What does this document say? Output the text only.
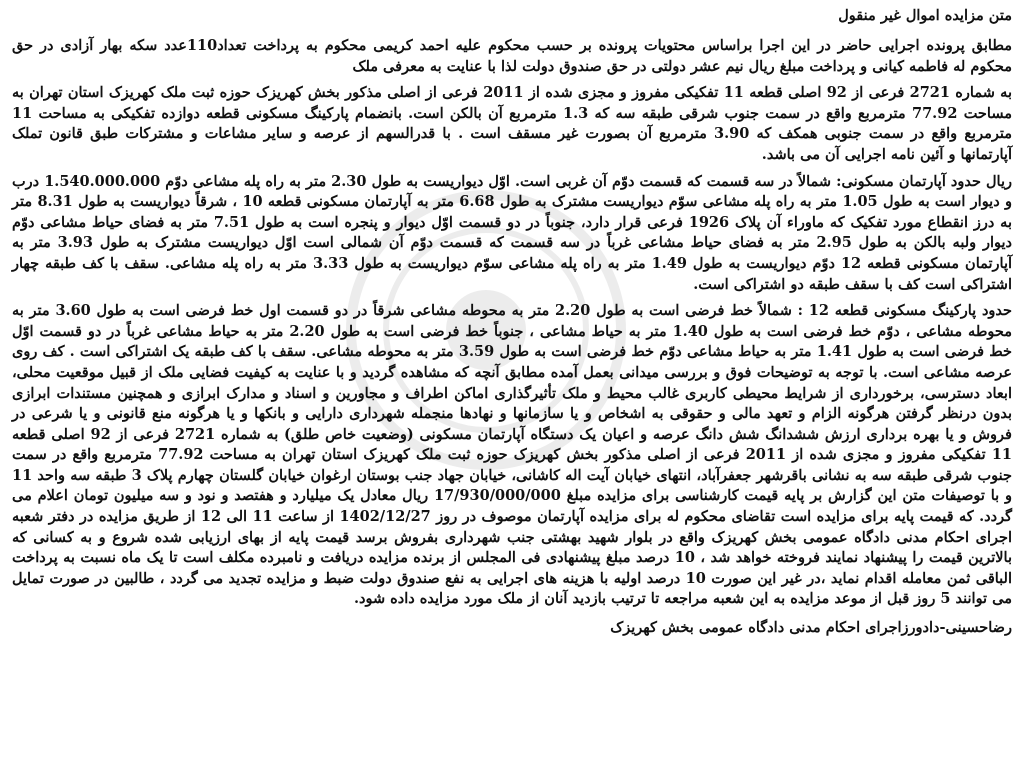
متن مزایده اموال غیر منقول

مطابق پرونده اجرایی حاضر در این اجرا براساس محتویات پرونده بر حسب محکوم علیه احمد کریمی محکوم به پرداخت تعداد110عدد سکه بهار آزادی در حق محکوم له فاطمه کیانی و پرداخت مبلغ ریال نیم عشر دولتی در حق صندوق دولت لذا با عنایت به معرفی ملک

به شماره 2721 فرعی از 92 اصلی قطعه 11 تفکیکی مفروز و مجزی شده از 2011 فرعی از اصلی مذکور بخش کهریزک حوزه ثبت ملک کهریزک استان تهران به مساحت 77.92 مترمربع واقع در سمت جنوب شرقی طبقه سه که 1.3 مترمربع آن بالکن است. بانضمام پارکینگ مسکونی قطعه دوازده تفکیکی به مساحت 11 مترمربع واقع در سمت جنوبی همکف که 3.90 مترمربع آن بصورت غیر مسقف است . با قدرالسهم از عرصه و سایر مشاعات و مشترکات طبق قانون تملک آپارتمانها و آئین نامه اجرایی آن می باشد.

ریال حدود آپارتمان مسکونی: شمالاً در سه قسمت که قسمت دوّم آن غربی است. اوّل دیواریست به طول 2.30 متر به راه پله مشاعی دوّم 1.540.000.000 درب و دیوار است به طول 1.05 متر به راه پله مشاعی سوّم دیواریست مشترک به طول 6.68 متر به آپارتمان مسکونی قطعه 10 ، شرقاً دیواریست به طول 8.31 متر به درز انقطاع مورد تفکیک که ماوراء آن پلاک 1926 فرعی قرار دارد، جنوباً در دو قسمت اوّل دیوار و پنجره است به طول 7.51 متر به فضای حیاط مشاعی دوّم دیوار ولبه بالکن به طول 2.95 متر به فضای حیاط مشاعی غرباً در سه قسمت که قسمت دوّم آن شمالی است اوّل دیواریست مشترک به طول 3.93 متر به آپارتمان مسکونی قطعه 12 دوّم دیواریست به طول 1.49 متر به راه پله مشاعی سوّم دیواریست به طول 3.33 متر به راه پله مشاعی. سقف با کف طبقه چهار اشتراکی است کف با سقف طبقه دو اشتراکی است.

حدود پارکینگ مسکونی قطعه 12 : شمالاً خط فرضی است به طول 2.20 متر به محوطه مشاعی شرقاً در دو قسمت اول خط فرضی است به طول 3.60 متر به محوطه مشاعی ، دوّم خط فرضی است به طول 1.40 متر به حیاط مشاعی ، جنوباً خط فرضی است به طول 2.20 متر به حیاط مشاعی غرباً در دو قسمت اوّل خط فرضی است به طول 1.41 متر به حیاط مشاعی دوّم خط فرضی است به طول 3.59 متر به محوطه مشاعی. سقف با کف طبقه یک اشتراکی است . کف روی عرصه مشاعی است. با توجه به توضیحات فوق و بررسی میدانی بعمل آمده مطابق آنچه که مشاهده گردید و با عنایت به کیفیت فضایی ملک از قبیل موقعیت محلی، ابعاد دسترسی، برخورداری از شرایط محیطی کاربری غالب محیط و ملک تأثیرگذاری اماکن اطراف و مجاورین و اسناد و مدارک ابرازی و همچنین مستندات ابرازی بدون درنظر گرفتن هرگونه الزام و تعهد مالی و حقوقی به اشخاص و یا سازمانها و نهادها منجمله شهرداری دارایی و بانکها و یا هرگونه منع قانونی و یا شرعی در فروش و یا بهره برداری ارزش ششدانگ شش دانگ عرصه و اعیان یک دستگاه آپارتمان مسکونی (وضعیت خاص طلق) به شماره 2721 فرعی از 92 اصلی قطعه 11 تفکیکی مفروز و مجزی شده از 2011 فرعی از اصلی مذکور بخش کهریزک حوزه ثبت ملک کهریزک استان تهران به مساحت 77.92 مترمربع واقع در سمت جنوب شرقی طبقه سه به نشانی باقرشهر جعفرآباد، انتهای خیابان آیت اله کاشانی، خیابان جهاد جنب بوستان ارغوان خیابان گلستان چهارم پلاک 3 طبقه سه واحد 11 و با توصیفات متن این گزارش بر پایه قیمت کارشناسی برای مزایده مبلغ 17/930/000/000 ریال معادل یک میلیارد و هفتصد و نود و سه میلیون تومان اعلام می گردد. که قیمت پایه برای مزایده است تقاضای محکوم له برای مزایده آپارتمان موصوف در روز 1402/12/27 از ساعت 11 الی 12 از طریق مزایده در دفتر شعبه اجرای احکام مدنی دادگاه عمومی بخش کهریزک واقع در بلوار شهید بهشتی جنب شهرداری بفروش برسد قیمت پایه از بهای ارزیابی شده شروع و به کسانی که بالاترین قیمت را پیشنهاد نمایند فروخته خواهد شد ، 10 درصد مبلغ پیشنهادی فی المجلس از برنده مزایده دریافت و نامبرده مکلف است تا یک ماه نسبت به پرداخت الباقی ثمن معامله اقدام نماید ،در غیر این صورت 10 درصد اولیه با هزینه های اجرایی به نفع صندوق دولت ضبط و مزایده تجدید می گردد ، طالبین در صورت تمایل می توانند 5 روز قبل از موعد مزایده به این شعبه مراجعه تا ترتیب بازدید آنان از ملک مورد مزایده داده شود.

رضاحسینی-دادورزاجرای احکام مدنی دادگاه عمومی بخش کهریزک
